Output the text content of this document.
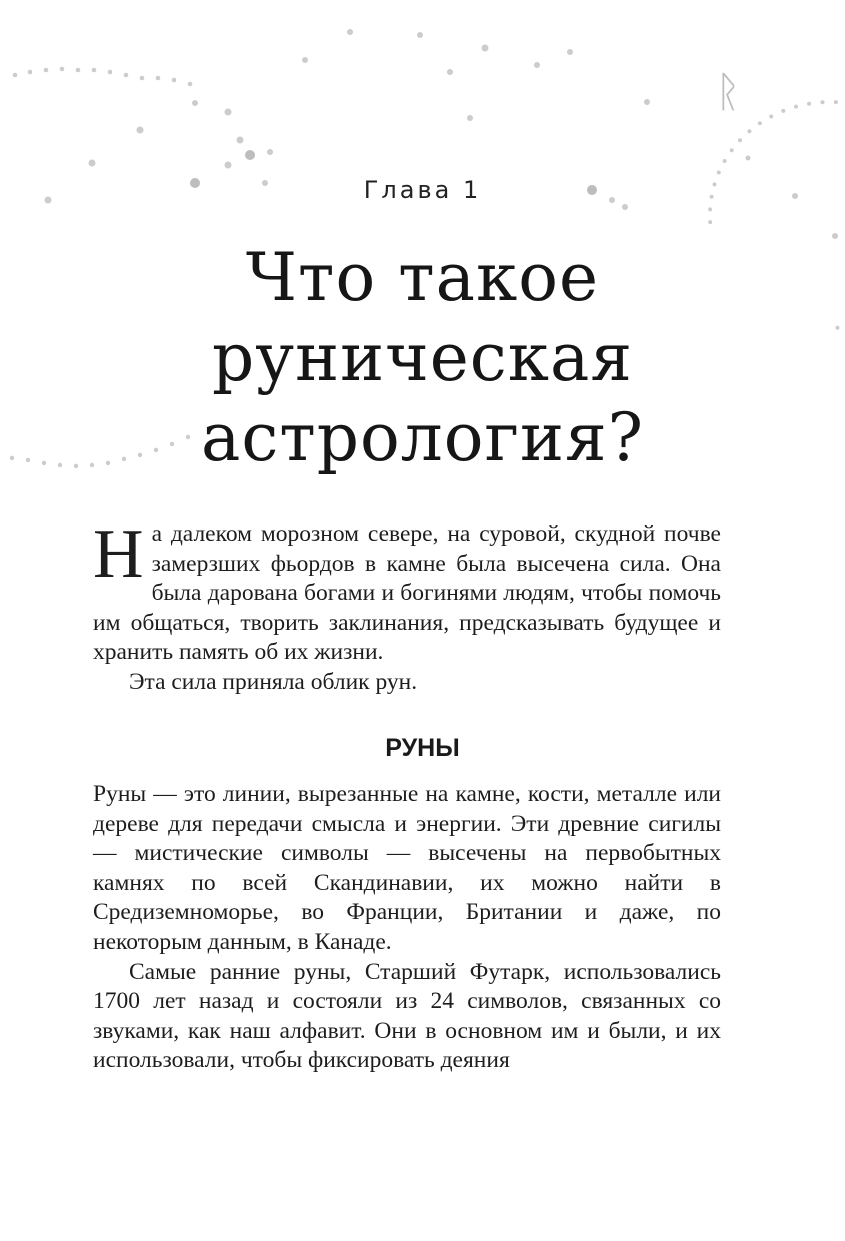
ᚱ
Глава 1
Что такое
руническая
астрология?

На далеком морозном севере, на суровой, скудной почве замерзших фьордов в камне была высечена сила. Она была дарована богами и богинями людям, чтобы помочь им общаться, творить заклинания, предсказывать будущее и хранить память об их жизни.

Эта сила приняла облик рун.

РУНЫ

Руны — это линии, вырезанные на камне, кости, металле или дереве для передачи смысла и энергии. Эти древние сигилы — мистические символы — высечены на первобытных камнях по всей Скандинавии, их можно найти в Средиземноморье, во Франции, Британии и даже, по некоторым данным, в Канаде.

Самые ранние руны, Старший Футарк, использовались 1700 лет назад и состояли из 24 символов, связанных со звуками, как наш алфавит. Они в основном им и были, и их использовали, чтобы фиксировать деяния
